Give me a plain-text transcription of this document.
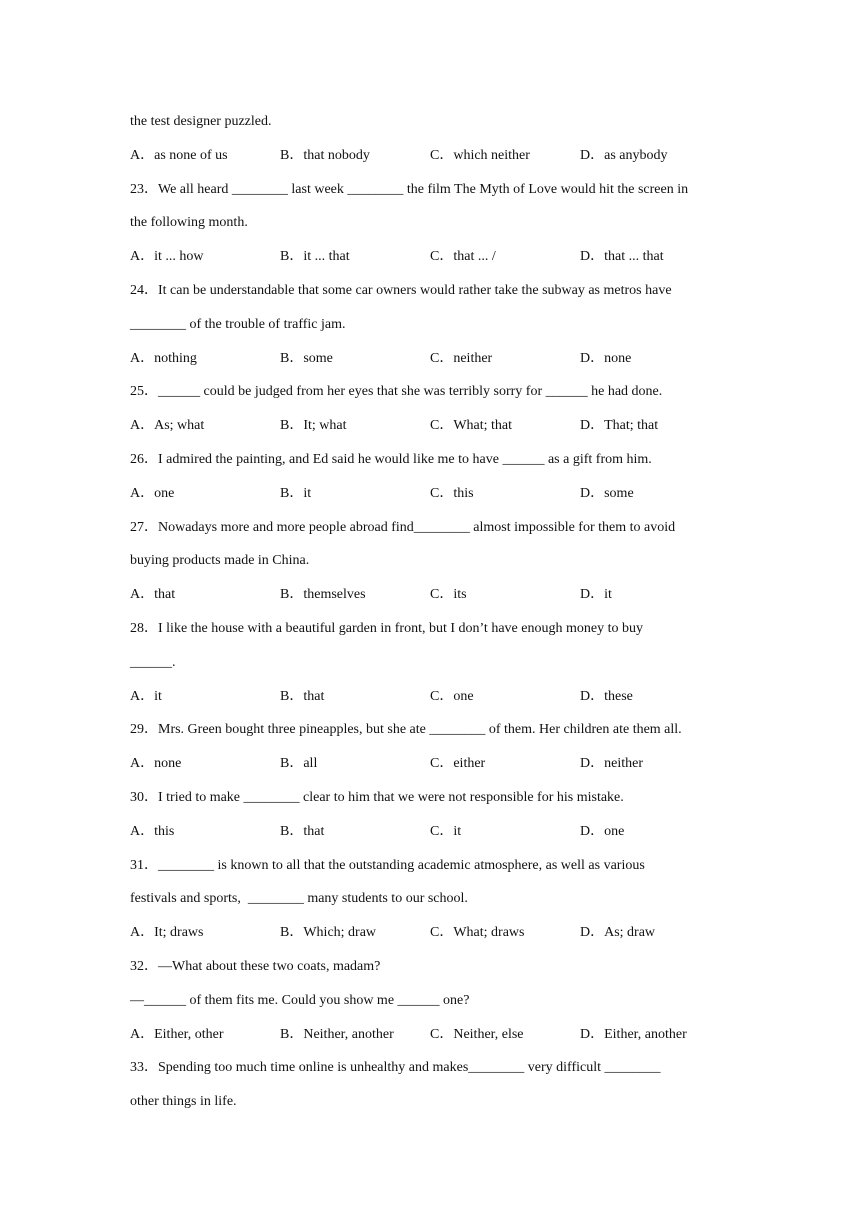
the test designer puzzled.
A．as none of us	B．that nobody	C．which neither	D．as anybody
23．We all heard ________ last week ________ the film The Myth of Love would hit the screen in
the following month.
A．it ... how	B．it ... that	C．that ... /	D．that ... that
24．It can be understandable that some car owners would rather take the subway as metros have
________ of the trouble of traffic jam.
A．nothing	B．some	C．neither	D．none
25．______ could be judged from her eyes that she was terribly sorry for ______ he had done.
A．As; what	B．It; what	C．What; that	D．That; that
26．I admired the painting, and Ed said he would like me to have ______ as a gift from him.
A．one	B．it	C．this	D．some
27．Nowadays more and more people abroad find________ almost impossible for them to avoid
buying products made in China.
A．that	B．themselves	C．its	D．it
28．I like the house with a beautiful garden in front, but I don’t have enough money to buy
______.
A．it	B．that	C．one	D．these
29．Mrs. Green bought three pineapples, but she ate ________ of them. Her children ate them all.
A．none	B．all	C．either	D．neither
30．I tried to make ________ clear to him that we were not responsible for his mistake.
A．this	B．that	C．it	D．one
31．________ is known to all that the outstanding academic atmosphere, as well as various
festivals and sports,  ________ many students to our school.
A．It; draws	B．Which; draw	C．What; draws	D．As; draw
32．—What about these two coats, madam?
—______ of them fits me. Could you show me ______ one?
A．Either, other	B．Neither, another	C．Neither, else	D．Either, another
33．Spending too much time online is unhealthy and makes________ very difficult ________
other things in life.
